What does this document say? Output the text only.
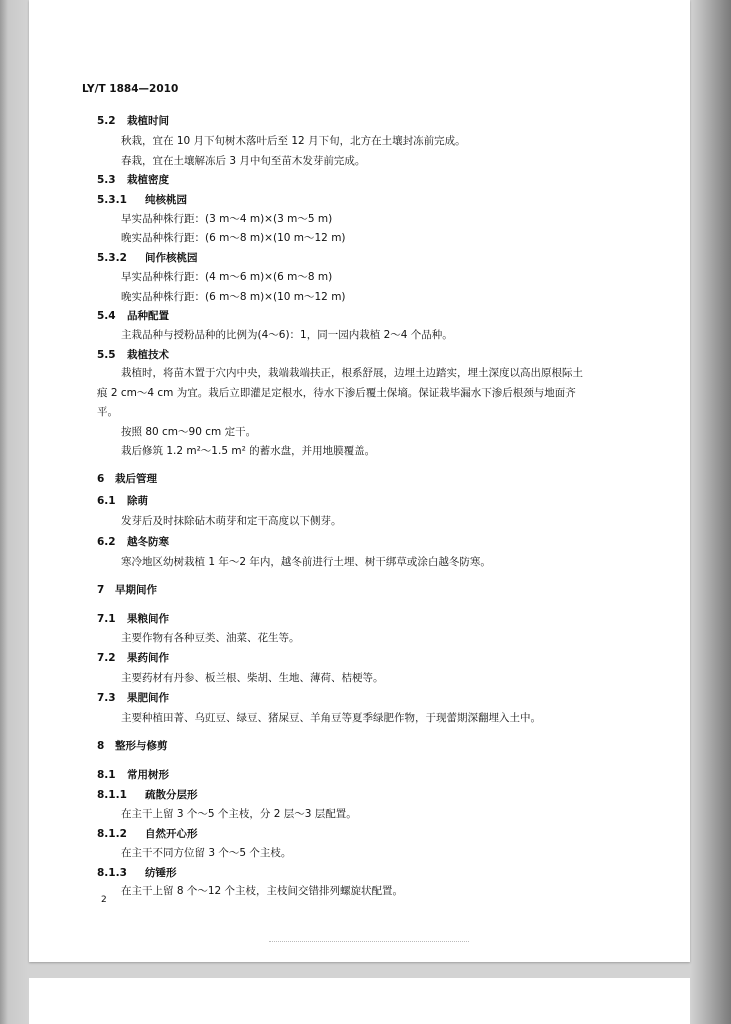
LY/T 1884—2010
2
5.2 栽植时间
秋栽，宜在 10 月下旬树木落叶后至 12 月下旬，北方在土壤封冻前完成。
春栽，宜在土壤解冻后 3 月中旬至苗木发芽前完成。
5.3 栽植密度
5.3.1 纯核桃园
早实品种株行距：(3 m～4 m)×(3 m～5 m)
晚实品种株行距：(6 m～8 m)×(10 m～12 m)
5.3.2 间作核桃园
早实品种株行距：(4 m～6 m)×(6 m～8 m)
晚实品种株行距：(6 m～8 m)×(10 m～12 m)
5.4 品种配置
主栽品种与授粉品种的比例为(4～6)：1，同一园内栽植 2～4 个品种。
5.5 栽植技术
栽植时，将苗木置于穴内中央，栽端栽端扶正，根系舒展，边埋土边踏实，埋土深度以高出原根际土
痕 2 cm～4 cm 为宜。栽后立即灌足定根水，待水下渗后覆土保墒。保证栽毕漏水下渗后根颈与地面齐
平。
按照 80 cm～90 cm 定干。
栽后修筑 1.2 m²～1.5 m² 的蓄水盘，并用地膜覆盖。
6 栽后管理
6.1 除萌
发芽后及时抹除砧木萌芽和定干高度以下侧芽。
6.2 越冬防寒
寒冷地区幼树栽植 1 年～2 年内，越冬前进行土埋、树干绑草或涂白越冬防寒。
7 早期间作
7.1 果粮间作
主要作物有各种豆类、油菜、花生等。
7.2 果药间作
主要药材有丹参、板兰根、柴胡、生地、薄荷、桔梗等。
7.3 果肥间作
主要种植田菁、乌豇豆、绿豆、猪屎豆、羊角豆等夏季绿肥作物，于现蕾期深翻埋入土中。
8 整形与修剪
8.1 常用树形
8.1.1 疏散分层形
在主干上留 3 个～5 个主枝，分 2 层～3 层配置。
8.1.2 自然开心形
在主干不同方位留 3 个～5 个主枝。
8.1.3 纺锤形
在主干上留 8 个～12 个主枝，主枝间交错排列螺旋状配置。
